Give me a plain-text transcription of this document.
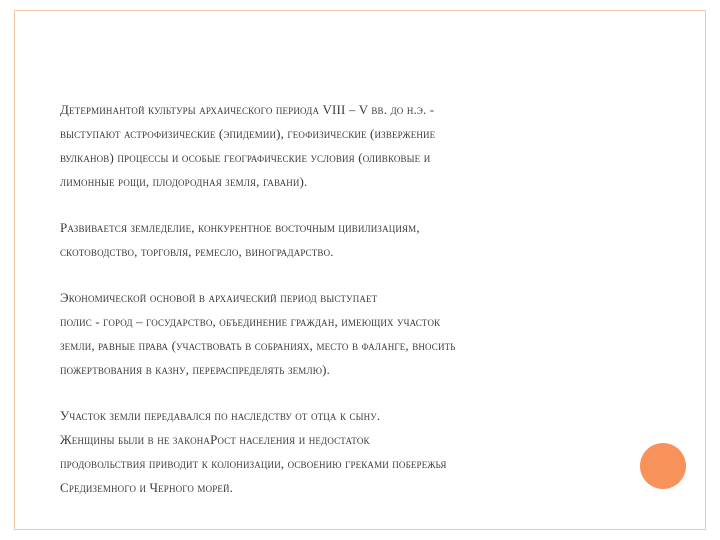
Детерминантой культуры архаического периода VIII – V вв. до н.э. -
выступают астрофизические (эпидемии), геофизические (извержение
вулканов) процессы и особые географические условия (оливковые и
лимонные рощи, плодородная земля, гавани).

Развивается земледелие, конкурентное восточным цивилизациям,
скотоводство, торговля, ремесло, виноградарство.

Экономической основой в архаический период выступает
полис - город – государство, объединение граждан, имеющих участок
земли, равные права (участвовать в собраниях, место в фаланге, вносить
пожертвования в казну, перераспределять землю).

Участок земли передавался по наследству от отца к сыну.
Женщины были в не законаРост населения и недостаток
продовольствия приводит к колонизации, освоению греками побережья
Средиземного и Черного морей.
